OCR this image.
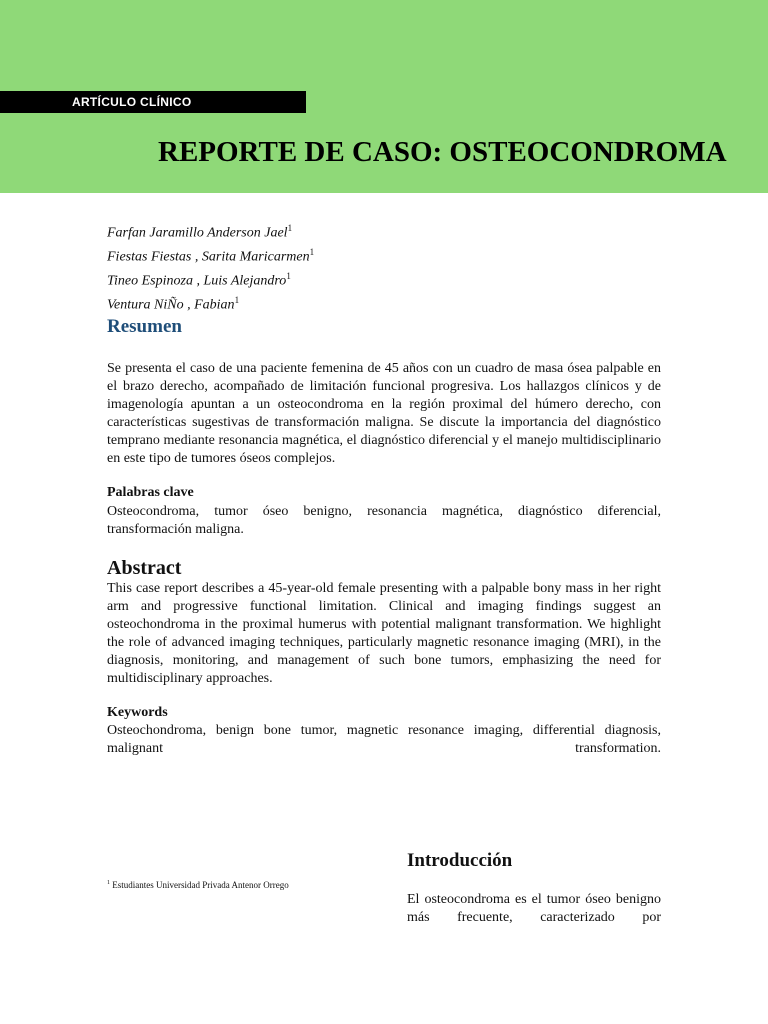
ARTÍCULO CLÍNICO
REPORTE DE CASO: OSTEOCONDROMA
Farfan Jaramillo Anderson Jael$^1$
Fiestas Fiestas , Sarita Maricarmen$^1$
Tineo Espinoza , Luis Alejandro$^1$
Ventura NiÑo , Fabian$^1$
Resumen

Se presenta el caso de una paciente femenina de 45 años con un cuadro de masa ósea palpable en el brazo derecho, acompañado de limitación funcional progresiva. Los hallazgos clínicos y de imagenología apuntan a un osteocondroma en la región proximal del húmero derecho, con características sugestivas de transformación maligna. Se discute la importancia del diagnóstico temprano mediante resonancia magnética, el diagnóstico diferencial y el manejo multidisciplinario en este tipo de tumores óseos complejos.

Palabras clave

Osteocondroma, tumor óseo benigno, resonancia magnética, diagnóstico diferencial, transformación maligna.

Abstract

This case report describes a 45-year-old female presenting with a palpable bony mass in her right arm and progressive functional limitation. Clinical and imaging findings suggest an osteochondroma in the proximal humerus with potential malignant transformation. We highlight the role of advanced imaging techniques, particularly magnetic resonance imaging (MRI), in the diagnosis, monitoring, and management of such bone tumors, emphasizing the need for multidisciplinary approaches.

Keywords

Osteochondroma, benign bone tumor, magnetic resonance imaging, differential diagnosis, malignant transformation.

$^1$ Estudiantes Universidad Privada Antenor Orrego
Introducción

El osteocondroma es el tumor óseo benigno más frecuente, caracterizado por
